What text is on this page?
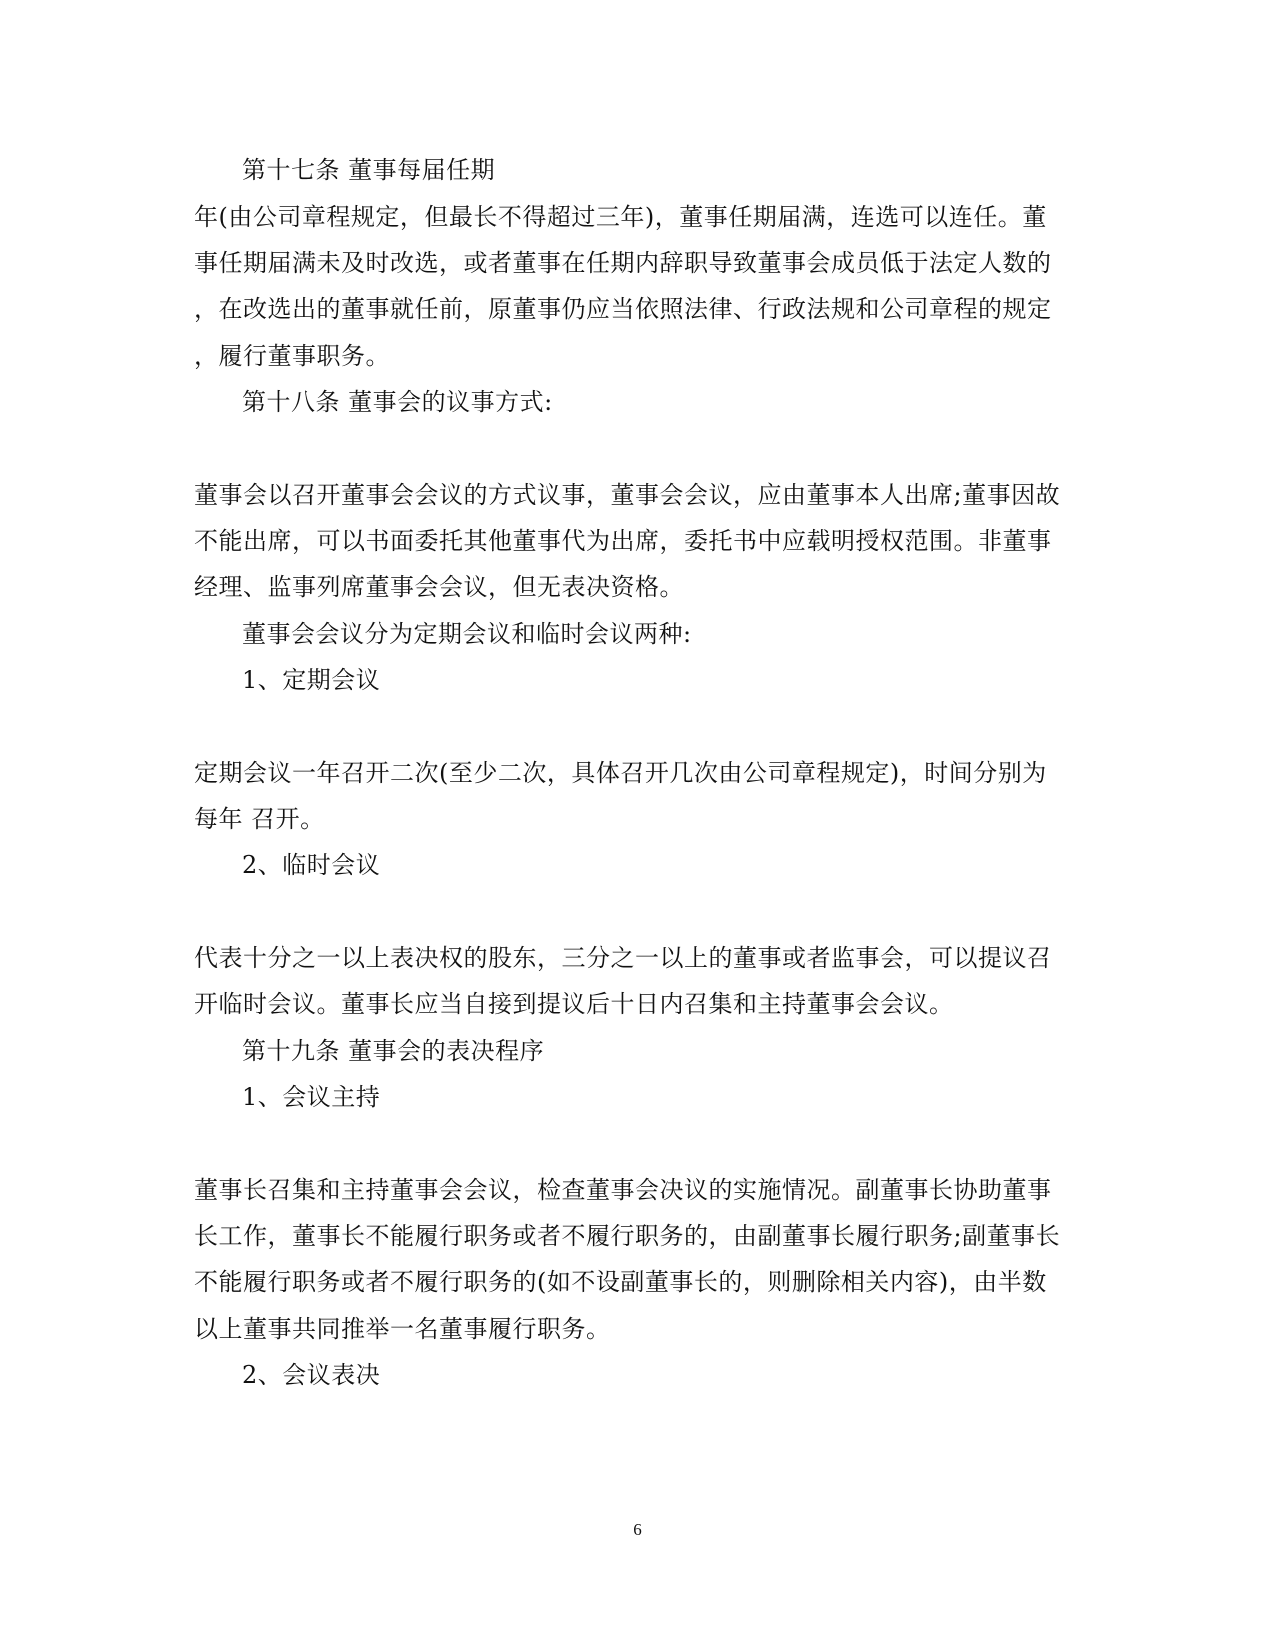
第十七条 董事每届任期
年(由公司章程规定，但最长不得超过三年)，董事任期届满，连选可以连任。董
事任期届满未及时改选，或者董事在任期内辞职导致董事会成员低于法定人数的
，在改选出的董事就任前，原董事仍应当依照法律、行政法规和公司章程的规定
，履行董事职务。
第十八条 董事会的议事方式:
董事会以召开董事会会议的方式议事，董事会会议，应由董事本人出席;董事因故
不能出席，可以书面委托其他董事代为出席，委托书中应载明授权范围。非董事
经理、监事列席董事会会议，但无表决资格。
董事会会议分为定期会议和临时会议两种:
1、定期会议
定期会议一年召开二次(至少二次，具体召开几次由公司章程规定)，时间分别为
每年 召开。
2、临时会议
代表十分之一以上表决权的股东，三分之一以上的董事或者监事会，可以提议召
开临时会议。董事长应当自接到提议后十日内召集和主持董事会会议。
第十九条 董事会的表决程序
1、会议主持
董事长召集和主持董事会会议，检查董事会决议的实施情况。副董事长协助董事
长工作，董事长不能履行职务或者不履行职务的，由副董事长履行职务;副董事长
不能履行职务或者不履行职务的(如不设副董事长的，则删除相关内容)，由半数
以上董事共同推举一名董事履行职务。
2、会议表决
6
